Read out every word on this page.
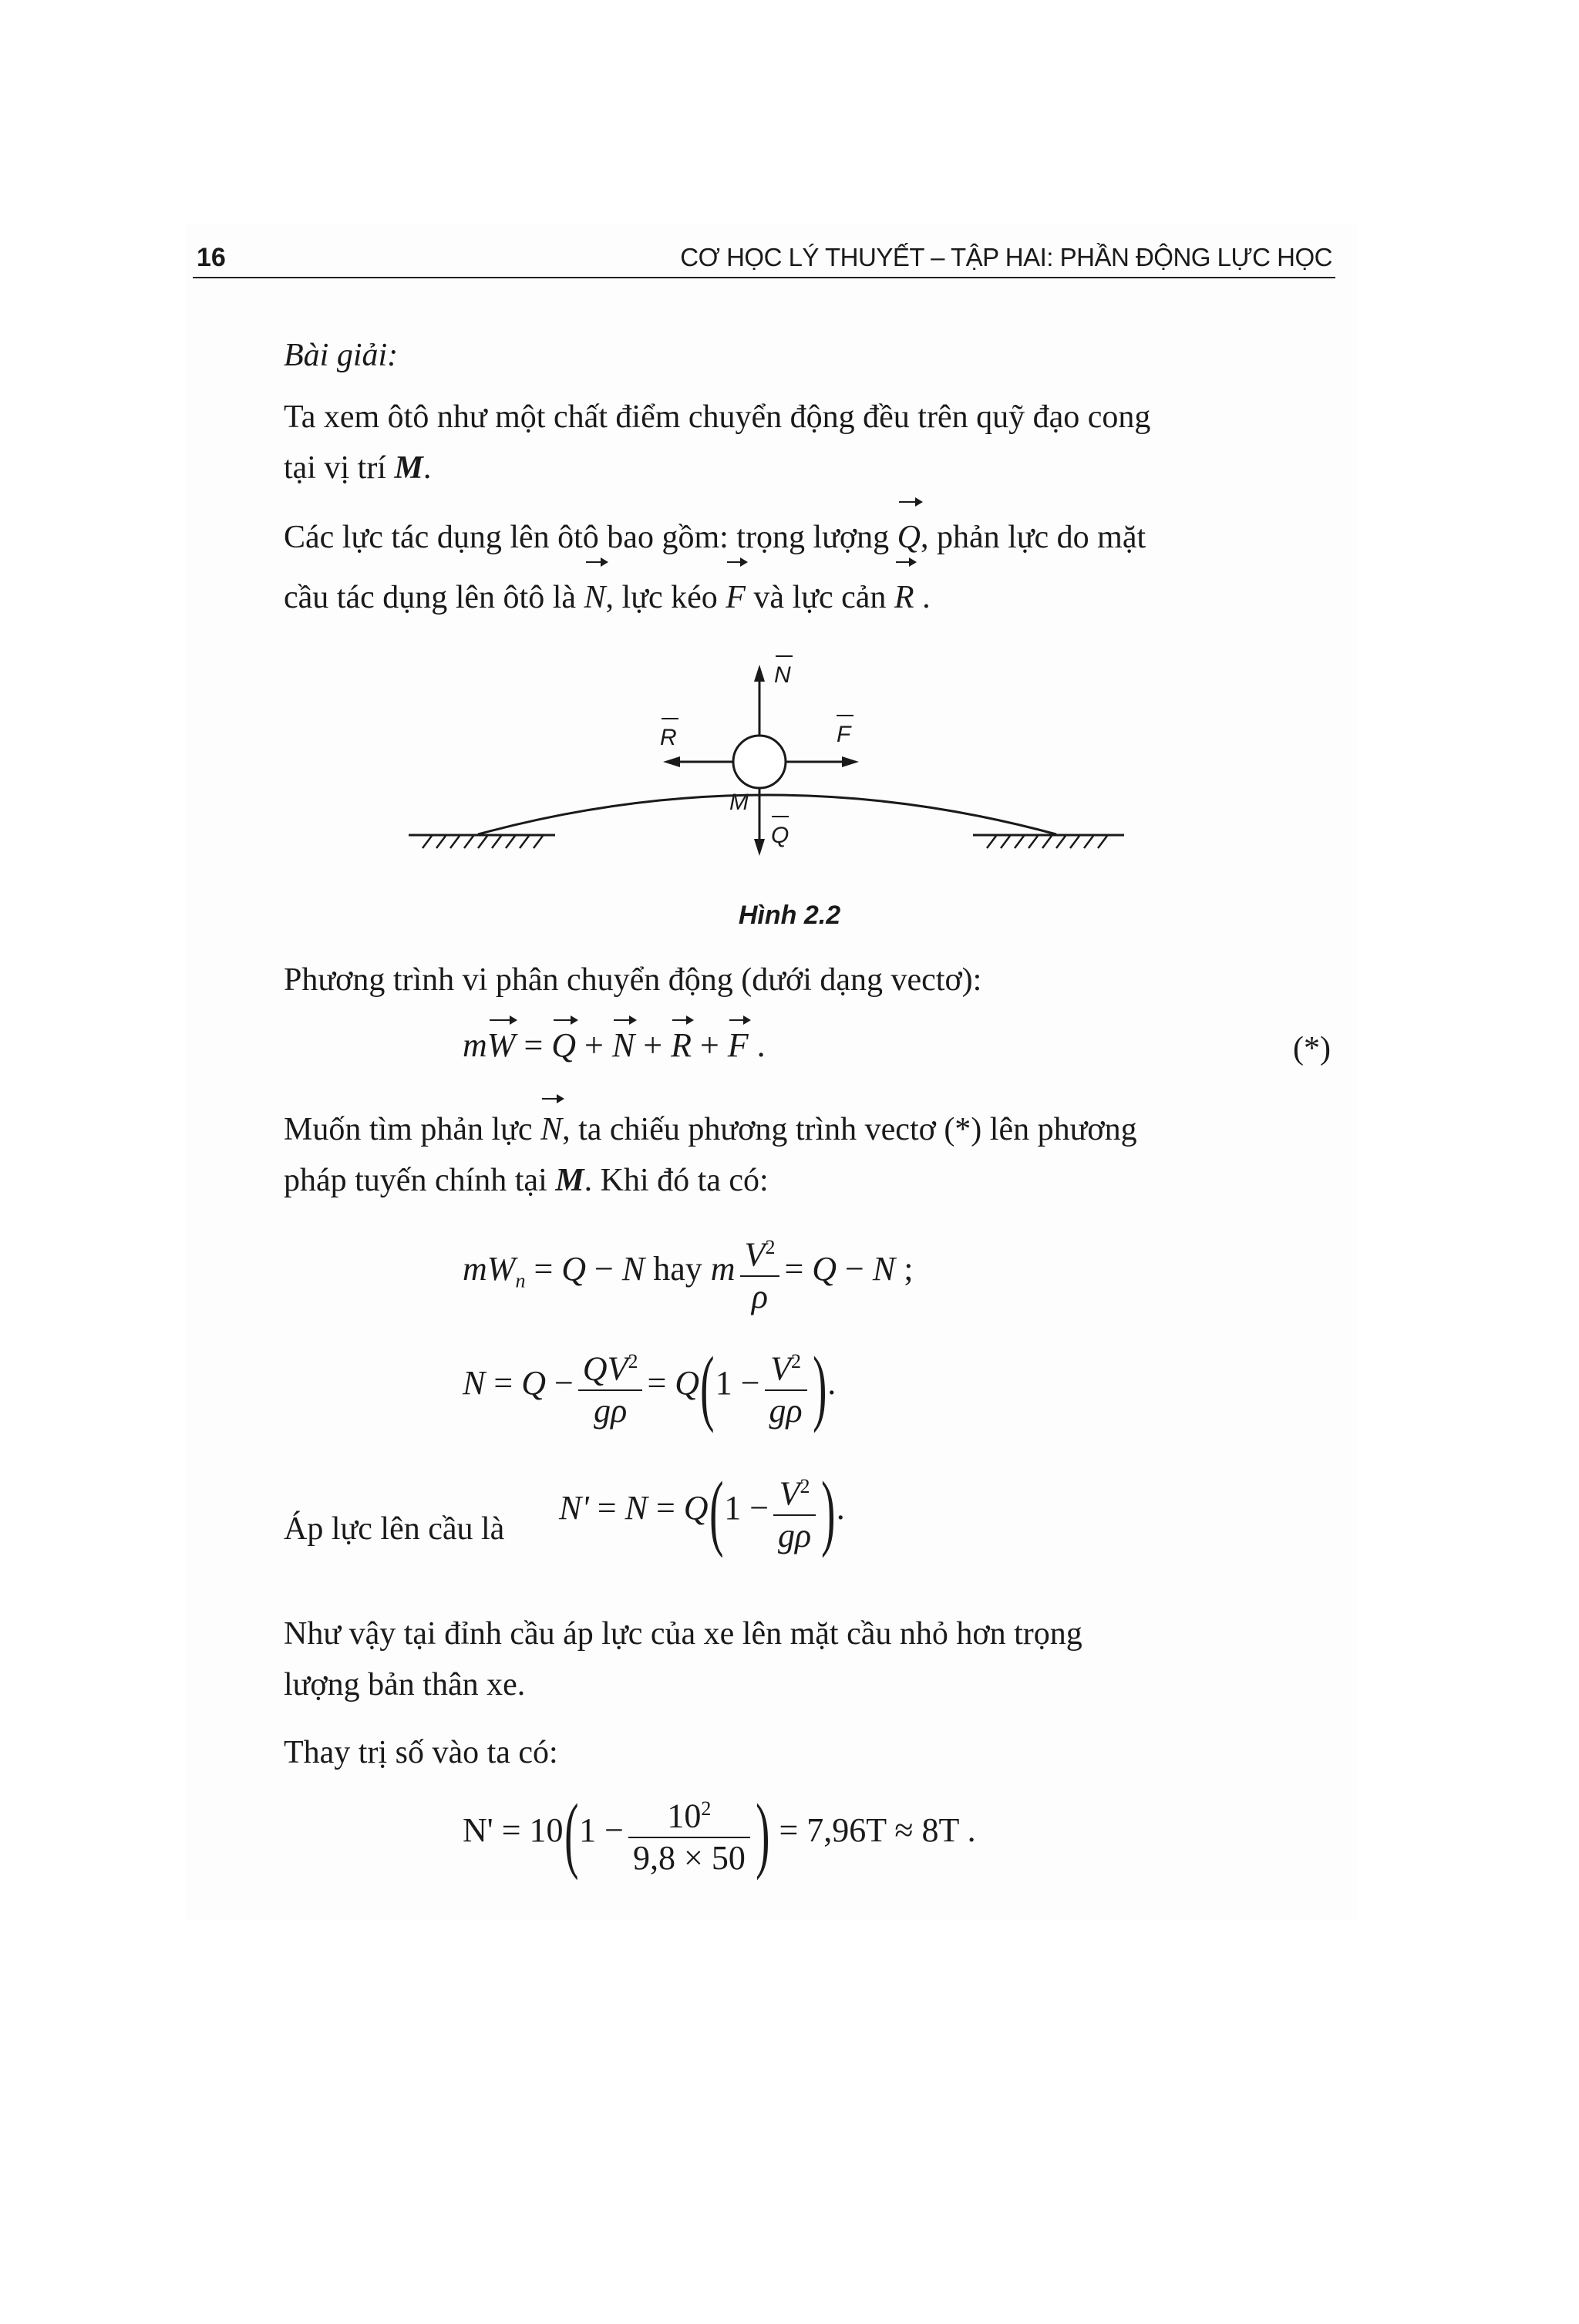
16	CƠ HỌC LÝ THUYẾT – TẬP HAI: PHẦN ĐỘNG LỰC HỌC
Bài giải:
Ta xem ôtô như một chất điểm chuyển động đều trên quỹ đạo cong
tại vị trí M.
Các lực tác dụng lên ôtô bao gồm: trọng lượng Q, phản lực do mặt
cầu tác dụng lên ôtô là N, lực kéo F và lực cản R .
N
F
R
Q
M
Hình 2.2
Phương trình vi phân chuyển động (dưới dạng vectơ):
mW = Q + N + R + F .	(*)
Muốn tìm phản lực N, ta chiếu phương trình vectơ (*) lên phương
pháp tuyến chính tại M. Khi đó ta có:
$mW_n = Q - N$ hay m $\frac{V^2}{\rho} = Q - N$ ;
$N = Q - \frac{QV^2}{g\rho} = Q(1 - \frac{V^2}{g\rho}$ ).
Áp lực lên cầu là
$N' = N = Q(1 - \frac{V^2}{g\rho}$ ).
Như vậy tại đỉnh cầu áp lực của xe lên mặt cầu nhỏ hơn trọng
lượng bản thân xe.
Thay trị số vào ta có:
$N' = 10(1 - \frac{10^2}{9,8 \times 50}$ ) = 7,96T ≈ 8T .
